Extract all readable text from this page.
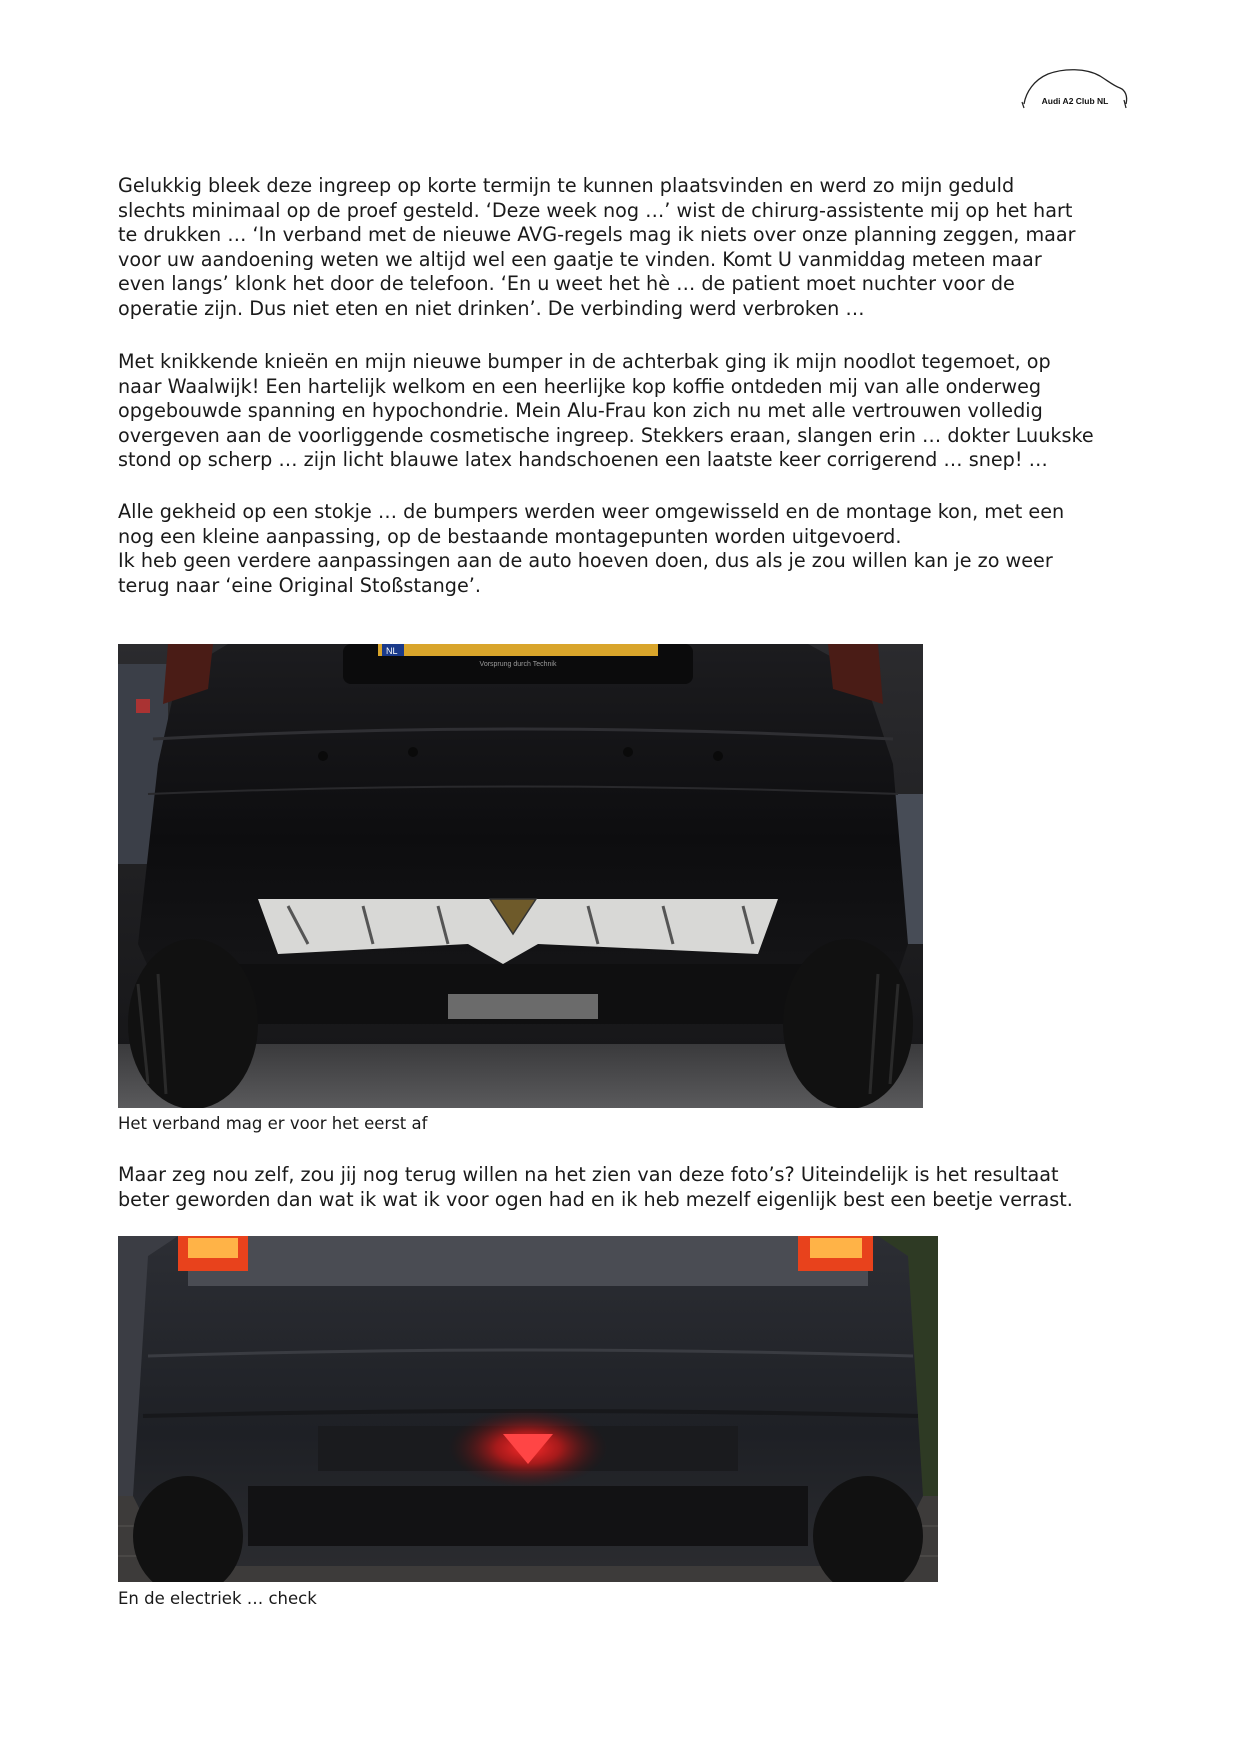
Audi A2 Club NL

Gelukkig bleek deze ingreep op korte termijn te kunnen plaatsvinden en werd zo mijn geduld
slechts minimaal op de proef gesteld. ‘Deze week nog …’ wist de chirurg-assistente mij op het hart
te drukken … ‘In verband met de nieuwe AVG-regels mag ik niets over onze planning zeggen, maar
voor uw aandoening weten we altijd wel een gaatje te vinden. Komt U vanmiddag meteen maar
even langs’ klonk het door de telefoon. ‘En u weet het hè … de patient moet nuchter voor de
operatie zijn. Dus niet eten en niet drinken’. De verbinding werd verbroken …

Met knikkende knieën en mijn nieuwe bumper in de achterbak ging ik mijn noodlot tegemoet, op
naar Waalwijk! Een hartelijk welkom en een heerlijke kop koffie ontdeden mij van alle onderweg
opgebouwde spanning en hypochondrie. Mein Alu-Frau kon zich nu met alle vertrouwen volledig
overgeven aan de voorliggende cosmetische ingreep. Stekkers eraan, slangen erin … dokter Luukske
stond op scherp … zijn licht blauwe latex handschoenen een laatste keer corrigerend … snep! …

Alle gekheid op een stokje … de bumpers werden weer omgewisseld en de montage kon, met een
nog een kleine aanpassing, op de bestaande montagepunten worden uitgevoerd.
Ik heb geen verdere aanpassingen aan de auto hoeven doen, dus als je zou willen kan je zo weer
terug naar ‘eine Original Stoßstange’.

NL
Vorsprung durch Technik
Het verband mag er voor het eerst af

Maar zeg nou zelf, zou jij nog terug willen na het zien van deze foto’s? Uiteindelijk is het resultaat
beter geworden dan wat ik wat ik voor ogen had en ik heb mezelf eigenlijk best een beetje verrast.

En de electriek … check
